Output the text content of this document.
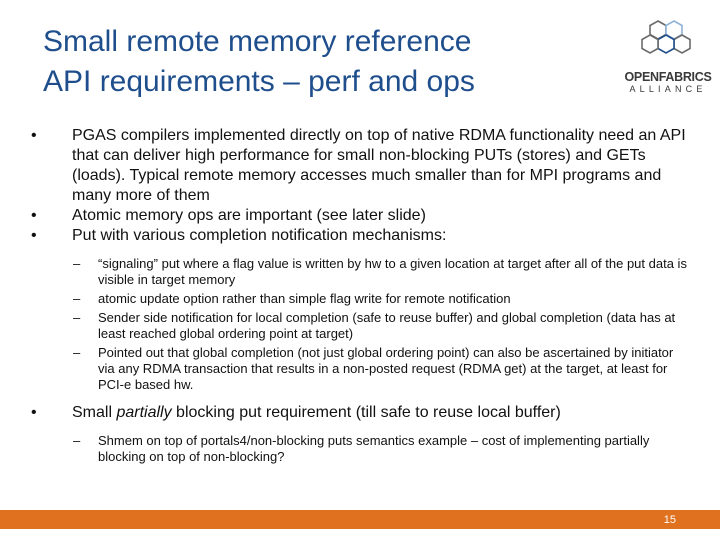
Small remote memory reference
API requirements – perf and ops	OPENFABRICS
ALLIANCE
• PGAS compilers implemented directly on top of native RDMA functionality need an API that can deliver high performance for small non-blocking PUTs (stores) and GETs (loads). Typical remote memory accesses much smaller than for MPI programs and many more of them
• Atomic memory ops are important (see later slide)
• Put with various completion notification mechanisms:
– “signaling” put where a flag value is written by hw to a given location at target after all of the put data is visible in target memory
– atomic update option rather than simple flag write for remote notification
– Sender side notification for local completion (safe to reuse buffer) and global completion (data has at least reached global ordering point at target)
– Pointed out that global completion (not just global ordering point) can also be ascertained by initiator via any RDMA transaction that results in a non-posted request (RDMA get) at the target, at least for PCI-e based hw.
• Small partially blocking put requirement (till safe to reuse local buffer)
– Shmem on top of portals4/non-blocking puts semantics example – cost of implementing partially blocking on top of non-blocking?
15
